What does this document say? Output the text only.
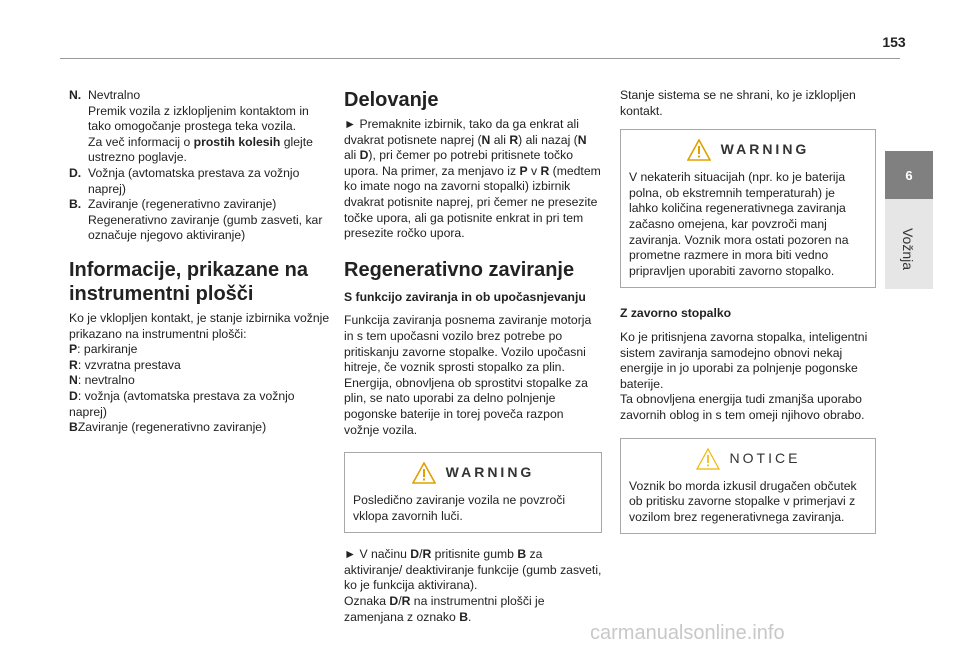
153
6
Vožnja
N. Nevtralno

Premik vozila z izklopljenim kontaktom in tako omogočanje prostega teka vozila.

Za več informacij o prostih kolesih glejte ustrezno poglavje.

D. Vožnja (avtomatska prestava za vožnjo naprej)

B. Zaviranje (regenerativno zaviranje)

Regenerativno zaviranje (gumb zasveti, kar označuje njegovo aktiviranje)

Informacije, prikazane na instrumentni plošči
Ko je vklopljen kontakt, je stanje izbirnika vožnje prikazano na instrumentni plošči:
P: parkiranje
R: vzvratna prestava
N: nevtralno
D: vožnja (avtomatska prestava za vožnjo naprej)
BZaviranje (regenerativno zaviranje)
Delovanje
► Premaknite izbirnik, tako da ga enkrat ali dvakrat potisnete naprej (N ali R) ali nazaj (N ali D), pri čemer po potrebi pritisnete točko upora. Na primer, za menjavo iz P v R (medtem ko imate nogo na zavorni stopalki) izbirnik dvakrat potisnite naprej, pri čemer ne presezite točke upora, ali ga potisnite enkrat in pri tem presezite ročko upora.
Regenerativno zaviranje
S funkcijo zaviranja in ob upočasnjevanju
Funkcija zaviranja posnema zaviranje motorja in s tem upočasni vozilo brez potrebe po pritiskanju zavorne stopalke. Vozilo upočasni hitreje, če voznik sprosti stopalko za plin.
Energija, obnovljena ob sprostitvi stopalke za plin, se nato uporabi za delno polnjenje pogonske baterije in torej poveča razpon vožnje vozila.
WARNING
Posledično zaviranje vozila ne povzroči vklopa zavornih luči.
► V načinu D/R pritisnite gumb B za aktiviranje/ deaktiviranje funkcije (gumb zasveti, ko je funkcija aktivirana).
Oznaka D/R na instrumentni plošči je zamenjana z oznako B.
Stanje sistema se ne shrani, ko je izklopljen kontakt.
WARNING
V nekaterih situacijah (npr. ko je baterija polna, ob ekstremnih temperaturah) je lahko količina regenerativnega zaviranja začasno omejena, kar povzroči manj zaviranja. Voznik mora ostati pozoren na prometne razmere in mora biti vedno pripravljen uporabiti zavorno stopalko.
Z zavorno stopalko
Ko je pritisnjena zavorna stopalka, inteligentni sistem zaviranja samodejno obnovi nekaj energije in jo uporabi za polnjenje pogonske baterije.
Ta obnovljena energija tudi zmanjša uporabo zavornih oblog in s tem omeji njihovo obrabo.
NOTICE
Voznik bo morda izkusil drugačen občutek ob pritisku zavorne stopalke v primerjavi z vozilom brez regenerativnega zaviranja.
carmanualsonline.info
